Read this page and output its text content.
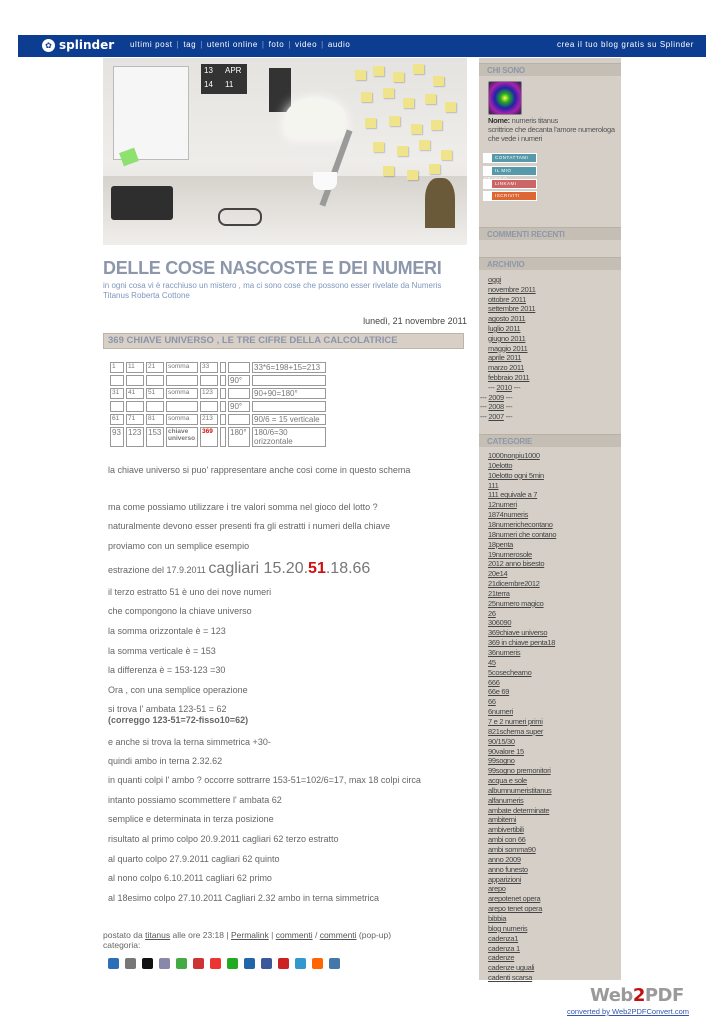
✿ splinder ultimi post | tag | utenti online | foto | video | audio	crea il tuo blog gratis su Splinder
13 APR
14 11
DELLE COSE NASCOSTE E DEI NUMERI
in ogni cosa vi è racchiuso un mistero , ma ci sono cose che possono esser rivelate da Numeris Titanus Roberta Cottone
lunedì, 21 novembre 2011
369 CHIAVE UNIVERSO , LE TRE CIFRE DELLA CALCOLATRICE
1	11	21	somma	33			33*6=198+15=213
						90°	
31	41	51	somma	123			90+90=180°
						90°	
61	71	81	somma	213			90/6 = 15 verticale
93	123	153	chiave universo	369		180°	180/6=30 orizzontale

la chiave universo si puo' rappresentare anche così come in questo schema

ma come possiamo utilizzare i tre valori somma nel gioco del lotto ?

naturalmente devono esser presenti fra gli estratti i numeri della chiave

proviamo con un semplice esempio

estrazione del 17.9.2011 cagliari 15.20.51.18.66

il terzo estratto 51 è uno dei nove numeri

che compongono la chiave universo

la somma orizzontale è = 123

la somma verticale è = 153

la differenza è = 153-123 =30

Ora , con una semplice operazione

si trova l' ambata 123-51 = 62

(correggo 123-51=72-fisso10=62)

e anche si trova la terna simmetrica +30-

quindi ambo in terna 2.32.62

in quanti colpi l' ambo ? occorre sottrarre 153-51=102/6=17, max 18 colpi circa

intanto possiamo scommettere l' ambata 62

semplice e determinata in terza posizione

risultato al primo colpo 20.9.2011 cagliari 62 terzo estratto

al quarto colpo 27.9.2011 cagliari 62 quinto

al nono colpo 6.10.2011 cagliari 62 primo

al 18esimo colpo 27.10.2011 Cagliari 2.32 ambo in terna simmetrica

postato da titanus alle ore 23:18 | Permalink | commenti / commenti (pop-up)
categoria:
CHI SONO
Nome: numeris titanus
scrittrice che decanta l'amore numerologa che vede i numeri
CONTATTAMI
IL MIO
LINKAMI
ISCRIVITI
COMMENTI RECENTI
ARCHIVIO
oggi
novembre 2011
ottobre 2011
settembre 2011
agosto 2011
luglio 2011
giugno 2011
maggio 2011
aprile 2011
marzo 2011
febbraio 2011
--- 2010 ---
--- 2009 ---
--- 2008 ---
--- 2007 ---
CATEGORIE
1000nonpiu1000
10elotto
10elotto ogni 5min
111
111 equivale a 7
12numeri
1874numeris
18numerichecontano
18numeri che contano
18penta
19numerosole
2012 anno bisesto
20e14
21dicembre2012
21terra
25numero magico
26
306090
369chiave universo
369 in chiave penta18
36numeris
45
5cosechearno
666
66e 69
66
6numeri
7 e 2 numeri primi
821schema super
90/15/30
90valore 15
99sogno
99sogno premonitori
acqua e sole
albumnumeristitanus
alfanumeris
ambate determinate
ambiterni
ambivertibili
ambi con 66
ambi somma90
anno 2009
anno funesto
apparizioni
arepo
arepotenet opera
arepo tenet opera
bibbia
blog numeris
cadenza1
cadenza 1
cadenze
cadenze uguali
cadenti scarsa
Web2PDF
converted by Web2PDFConvert.com
